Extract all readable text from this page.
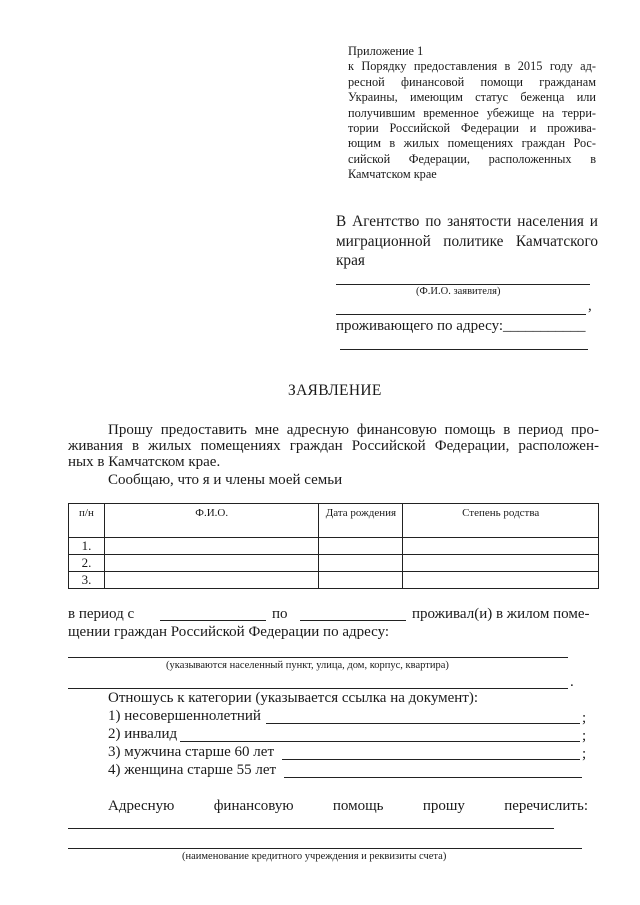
Приложение 1
к Порядку предоставления в 2015 году ад-
ресной финансовой помощи гражданам
Украины, имеющим статус беженца или
получившим временное убежище на терри-
тории Российской Федерации и прожива-
ющим в жилых помещениях граждан Рос-
сийской Федерации, расположенных в
Камчатском крае
В Агентство по занятости населения и
миграционной политике Камчатского
края
(Ф.И.О. заявителя)
,
проживающего по адресу:___________
ЗАЯВЛЕНИЕ
Прошу предоставить мне адресную финансовую помощь в период про-
живания в жилых помещениях граждан Российской Федерации, расположен-
ных в Камчатском крае.
Сообщаю, что я и члены моей семьи
п/н	Ф.И.О.	Дата рождения	Степень родства
1.			
2.			
3.			
в период с	по	проживал(и) в жилом поме-
щении граждан Российской Федерации по адресу:
(указываются населенный пункт, улица, дом, корпус, квартира)
.
Отношусь к категории (указывается ссылка на документ):
1) несовершеннолетний	;
2) инвалид	;
3) мужчина старше 60 лет	;
4) женщина старше 55 лет
Адресную финансовую помощь прошу перечислить:
(наименование кредитного учреждения и реквизиты счета)
